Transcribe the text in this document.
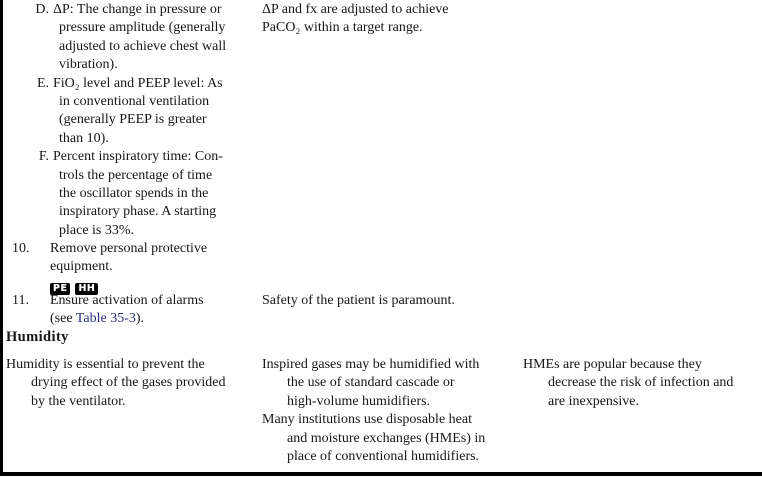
D. ΔP: The change in pressure or
pressure amplitude (generally
adjusted to achieve chest wall
vibration).
E. FiO₂ level and PEEP level: As
in conventional ventilation
(generally PEEP is greater
than 10).
F. Percent inspiratory time: Con-
trols the percentage of time
the oscillator spends in the
inspiratory phase. A starting
place is 33%.
ΔP and fx are adjusted to achieve
PaCO₂ within a target range.
10.	Remove personal protective
equipment.
PE HH
11.	Ensure activation of alarms
(see Table 35-3).
Safety of the patient is paramount.
Humidity
Humidity is essential to prevent the
drying effect of the gases provided
by the ventilator.
Inspired gases may be humidified with
the use of standard cascade or
high-volume humidifiers.
Many institutions use disposable heat
and moisture exchanges (HMEs) in
place of conventional humidifiers.
HMEs are popular because they
decrease the risk of infection and
are inexpensive.
